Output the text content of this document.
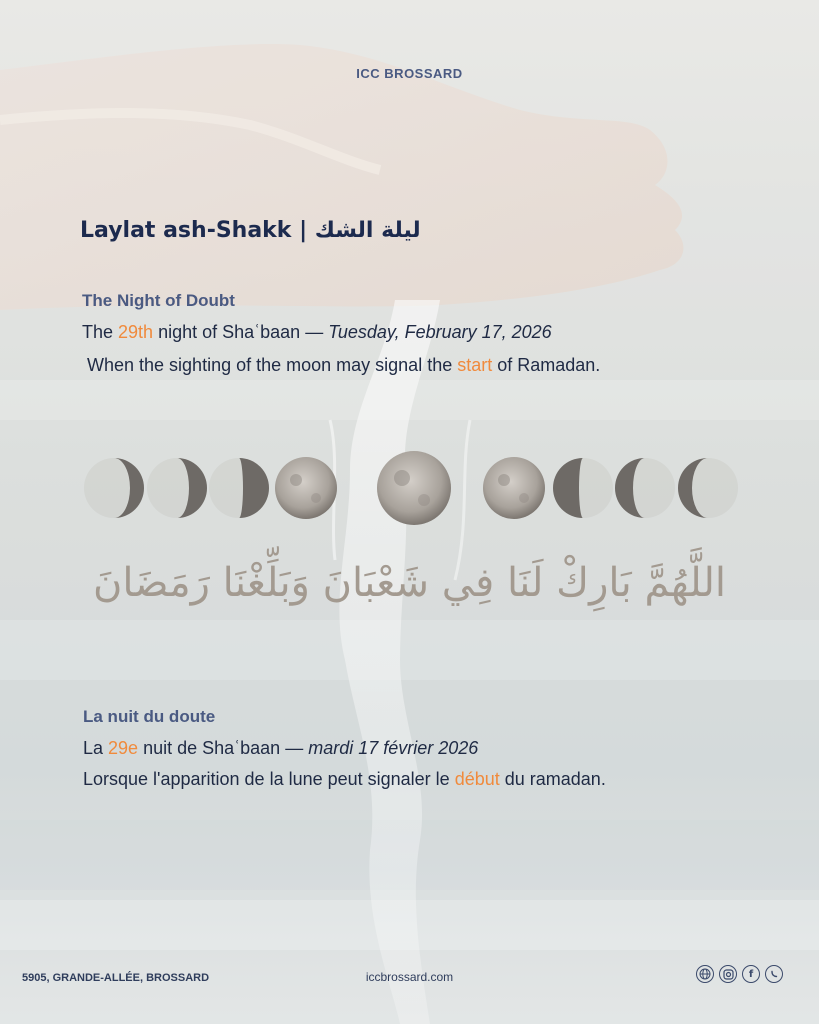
ICC BROSSARD
Laylat ash-Shakk | ليلة الشك
The Night of Doubt
The 29th night of Shaʿbaan — Tuesday, February 17, 2026
When the sighting of the moon may signal the start of Ramadan.
اللَّهُمَّ بَارِكْ لَنَا فِي شَعْبَانَ وَبَلِّغْنَا رَمَضَانَ
La nuit du doute
La 29e nuit de Shaʿbaan — mardi 17 février 2026
Lorsque l'apparition de la lune peut signaler le début du ramadan.
5905, GRANDE-ALLÉE, BROSSARD	iccbrossard.com	f
